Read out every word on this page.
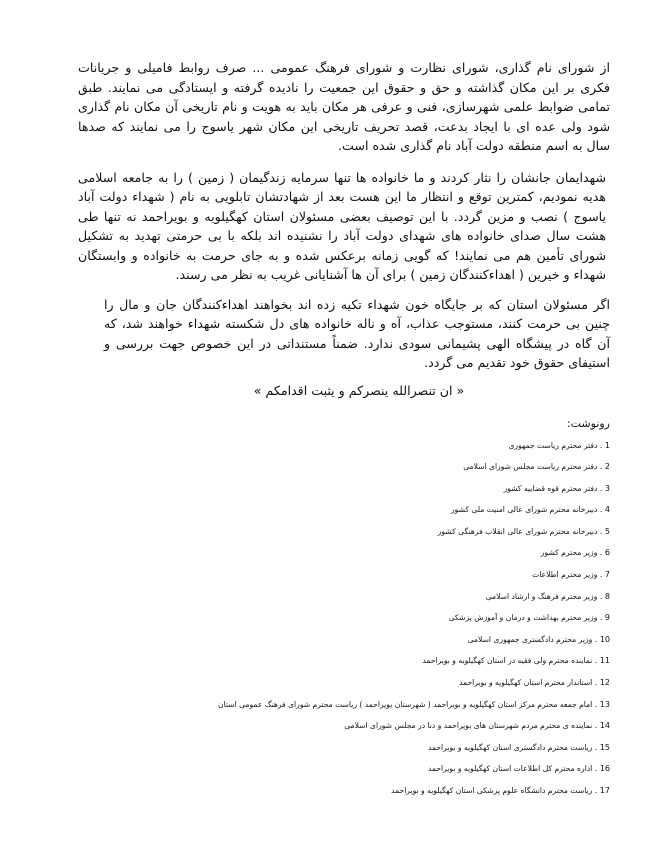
از شورای نام گذاری، شورای نظارت و شورای فرهنگ عمومی ... صرف روابط فامیلی و جریانات فکری بر این مکان گذاشته و حق و حقوق این جمعیت را نادیده گرفته و ایستادگی می نمایند. طبق تمامی ضوابط علمی شهرسازی، فنی و عرفی هر مکان باید به هویت و نام تاریخی آن مکان نام گذاری شود ولی عده ای با ایجاد بدعت، قصد تحریف تاریخی این مکان شهر یاسوج را می نمایند که صدها سال به اسم منطقه دولت آباد نام گذاری شده است.

شهدایمان جانشان را نثار کردند و ما خانواده ها تنها سرمایه زندگیمان ( زمین ) را به جامعه اسلامی هدیه نمودیم، کمترین توقع و انتظار ما این هست بعد از شهادتشان تابلویی به نام ( شهداء دولت آباد یاسوج ) نصب و مزین گردد. با این توصیف بعضی مسئولان استان کهگیلویه و بویراحمد نه تنها طی هشت سال صدای خانواده های شهدای دولت آباد را نشنیده اند بلکه با بی حرمتی تهدید به تشکیل شورای تأمین هم می نمایند! که گویی زمانه برعکس شده و به جای حرمت به خانواده و وابستگان شهداء و خیرین ( اهداءکنندگان زمین ) برای آن ها آشنایانی غریب به نظر می رسند.

اگر مسئولان استان که بر جایگاه خون شهداء تکیه زده اند بخواهند اهداءکنندگان جان و مال را چنین بی حرمت کنند، مستوجب عذاب، آه و ناله خانواده های دل شکسته شهداء خواهند شد، که آن گاه در پیشگاه الهی پشیمانی سودی ندارد. ضمناً مستنداتی در این خصوص جهت بررسی و استیفای حقوق خود تقدیم می گردد.

« ان تنصرالله ینصرکم و یثبت اقدامکم »
رونوشت:
1 .

دفتر محترم ریاست جمهوری
2 .

دفتر محترم ریاست مجلس شورای اسلامی
3 .

دفتر محترم قوه قضاییه کشور
4 .

دبیرخانه محترم شورای عالی امنیت ملی کشور
5 .

دبیرخانه محترم شورای عالی انقلاب فرهنگی کشور
6 .

وزیر محترم کشور
7 .

وزیر محترم اطلاعات
8 .

وزیر محترم فرهنگ و ارشاد اسلامی
9 .

وزیر محترم بهداشت و درمان و آموزش پزشکی
10 .

وزیر محترم دادگستری جمهوری اسلامی
11 .

نماینده محترم ولی فقیه در استان کهگیلویه و بویراحمد
12 .

استاندار محترم استان کهگیلویه و بویراحمد
13 .

امام جمعه محترم مرکز استان کهگیلویه و بویراحمد ( شهرستان بویراحمد ) ریاست محترم شورای فرهنگ عمومی استان
14 .

نماینده ی محترم مردم شهرستان های بویراحمد و دنا در مجلس شورای اسلامی
15 .

ریاست محترم دادگستری استان کهگیلویه و بویراحمد
16 .

اداره محترم کل اطلاعات استان کهگیلویه و بویراحمد
17 .

ریاست محترم دانشگاه علوم پزشکی استان کهگیلویه و بویراحمد
